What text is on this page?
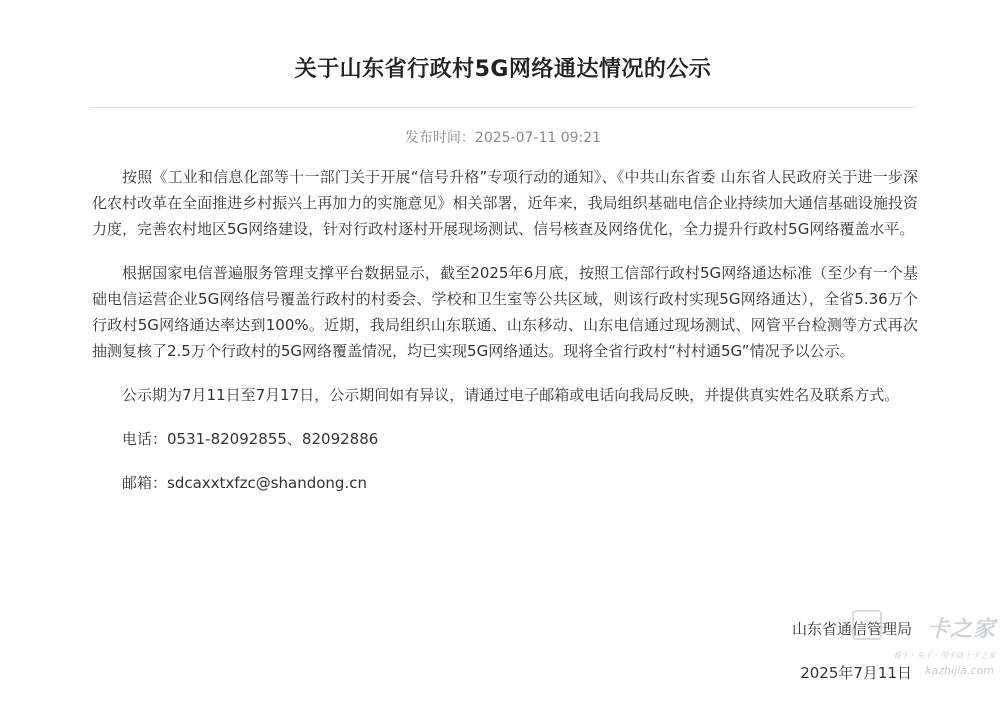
关于山东省行政村5G网络通达情况的公示
发布时间：2025-07-11 09:21

按照《工业和信息化部等十一部门关于开展“信号升格”专项行动的通知》、《中共山东省委 山东省人民政府关于进一步深化农村改革在全面推进乡村振兴上再加力的实施意见》相关部署，近年来，我局组织基础电信企业持续加大通信基础设施投资力度，完善农村地区5G网络建设，针对行政村逐村开展现场测试、信号核查及网络优化，全力提升行政村5G网络覆盖水平。

根据国家电信普遍服务管理支撑平台数据显示，截至2025年6月底，按照工信部行政村5G网络通达标准（至少有一个基础电信运营企业5G网络信号覆盖行政村的村委会、学校和卫生室等公共区域，则该行政村实现5G网络通达），全省5.36万个行政村5G网络通达率达到100%。近期，我局组织山东联通、山东移动、山东电信通过现场测试、网管平台检测等方式再次抽测复核了2.5万个行政村的5G网络覆盖情况，均已实现5G网络通达。现将全省行政村“村村通5G”情况予以公示。

公示期为7月11日至7月17日，公示期间如有异议，请通过电子邮箱或电话向我局反映，并提供真实姓名及联系方式。

电话：0531-82092855、82092886

邮箱：sdcaxxtxfzc@shandong.cn

山东省通信管理局
2025年7月11日
卡之家
看卡 · 买卡 · 用卡就上卡之家
kazhijia.com
